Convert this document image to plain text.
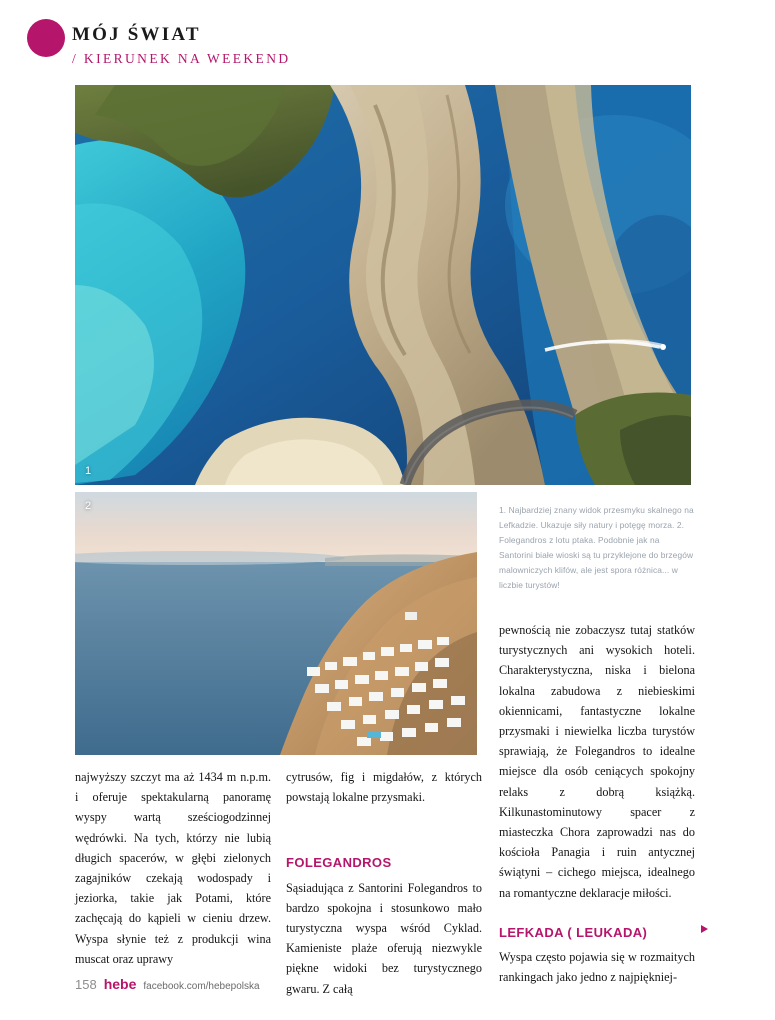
MÓJ ŚWIAT
/ KIERUNEK NA WEEKEND
1
2	1. Najbardziej znany widok przesmyku skalnego na Lefkadzie. Ukazuje siły natury i potęgę morza. 2. Folegandros z lotu ptaka. Podobnie jak na Santorini białe wioski są tu przyklejone do brzegów malowniczych klifów, ale jest spora różnica... w liczbie turystów!

najwyższy szczyt ma aż 1434 m n.p.m. i oferuje spektakularną panoramę wyspy wartą sześciogodzinnej wędrówki. Na tych, którzy nie lubią długich spacerów, w głębi zielonych zagajników czekają wodospady i jeziorka, takie jak Potami, które zachęcają do kąpieli w cieniu drzew. Wyspa słynie też z produkcji wina muscat oraz uprawy

cytrusów, fig i migdałów, z których powstają lokalne przysmaki.

FOLEGANDROS

Sąsiadująca z Santorini Folegandros to bardzo spokojna i stosunkowo mało turystyczna wyspa wśród Cyklad. Kamieniste plaże oferują niezwykle piękne widoki bez turystycznego gwaru. Z całą

pewnością nie zobaczysz tutaj statków turystycznych ani wysokich hoteli. Charakterystyczna, niska i bielona lokalna zabudowa z niebieskimi okiennicami, fantastyczne lokalne przysmaki i niewielka liczba turystów sprawiają, że Folegandros to idealne miejsce dla osób ceniących spokojny relaks z dobrą książką. Kilkunastominutowy spacer z miasteczka Chora zaprowadzi nas do kościoła Panagia i ruin antycznej świątyni – cichego miejsca, idealnego na romantyczne deklaracje miłości.

LEFKADA ( LEUKADA)

Wyspa często pojawia się w rozmaitych rankingach jako jedno z najpiękniej-

158 hebe facebook.com/hebepolska
